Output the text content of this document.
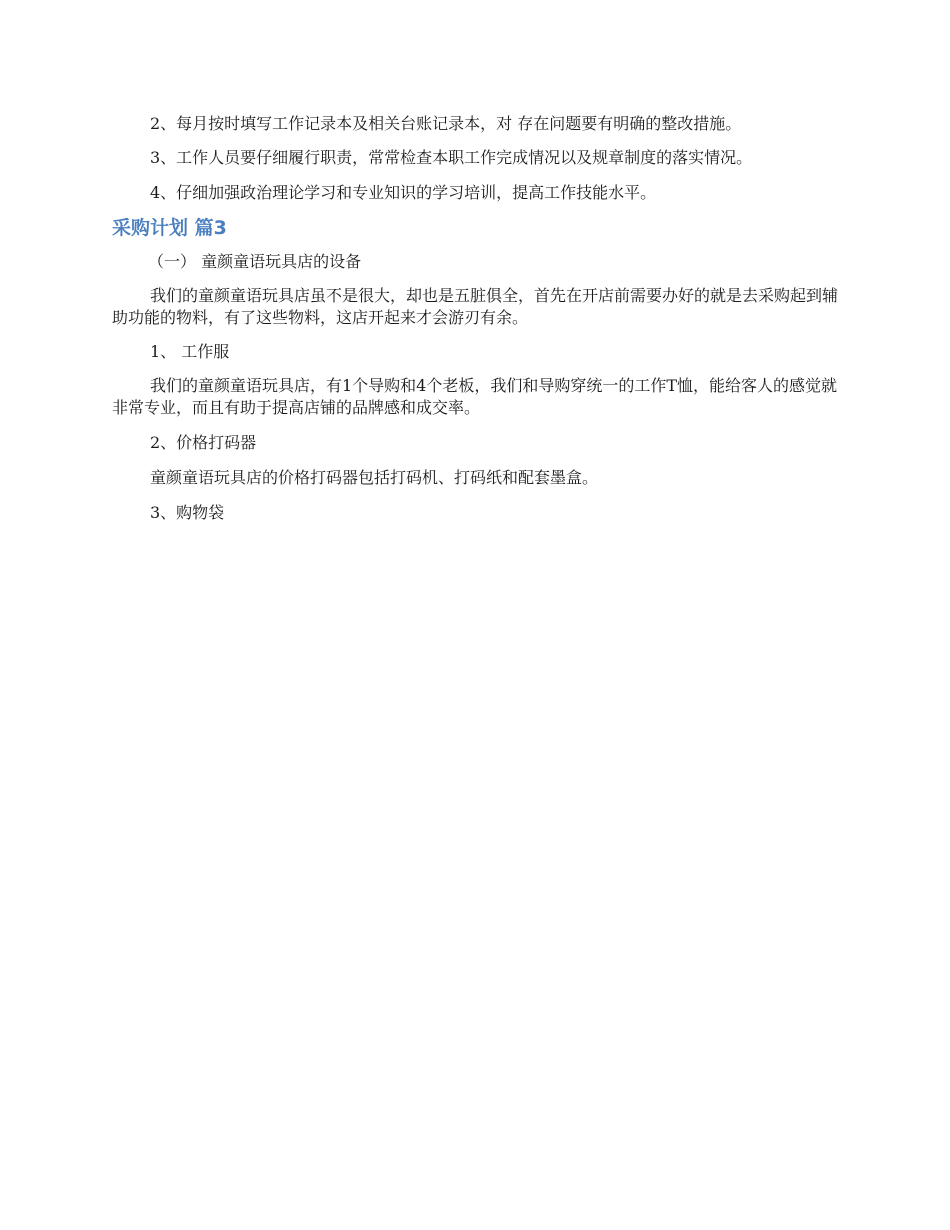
2、每月按时填写工作记录本及相关台账记录本，对 存在问题要有明确的整改措施。

3、工作人员要仔细履行职责，常常检查本职工作完成情况以及规章制度的落实情况。

4、仔细加强政治理论学习和专业知识的学习培训，提高工作技能水平。

采购计划 篇3

（一） 童颜童语玩具店的设备

我们的童颜童语玩具店虽不是很大，却也是五脏俱全，首先在开店前需要办好的就是去采购起到辅助功能的物料，有了这些物料，这店开起来才会游刃有余。

1、 工作服

我们的童颜童语玩具店，有1个导购和4个老板，我们和导购穿统一的工作T恤，能给客人的感觉就非常专业，而且有助于提高店铺的品牌感和成交率。

2、价格打码器

童颜童语玩具店的价格打码器包括打码机、打码纸和配套墨盒。

3、购物袋
